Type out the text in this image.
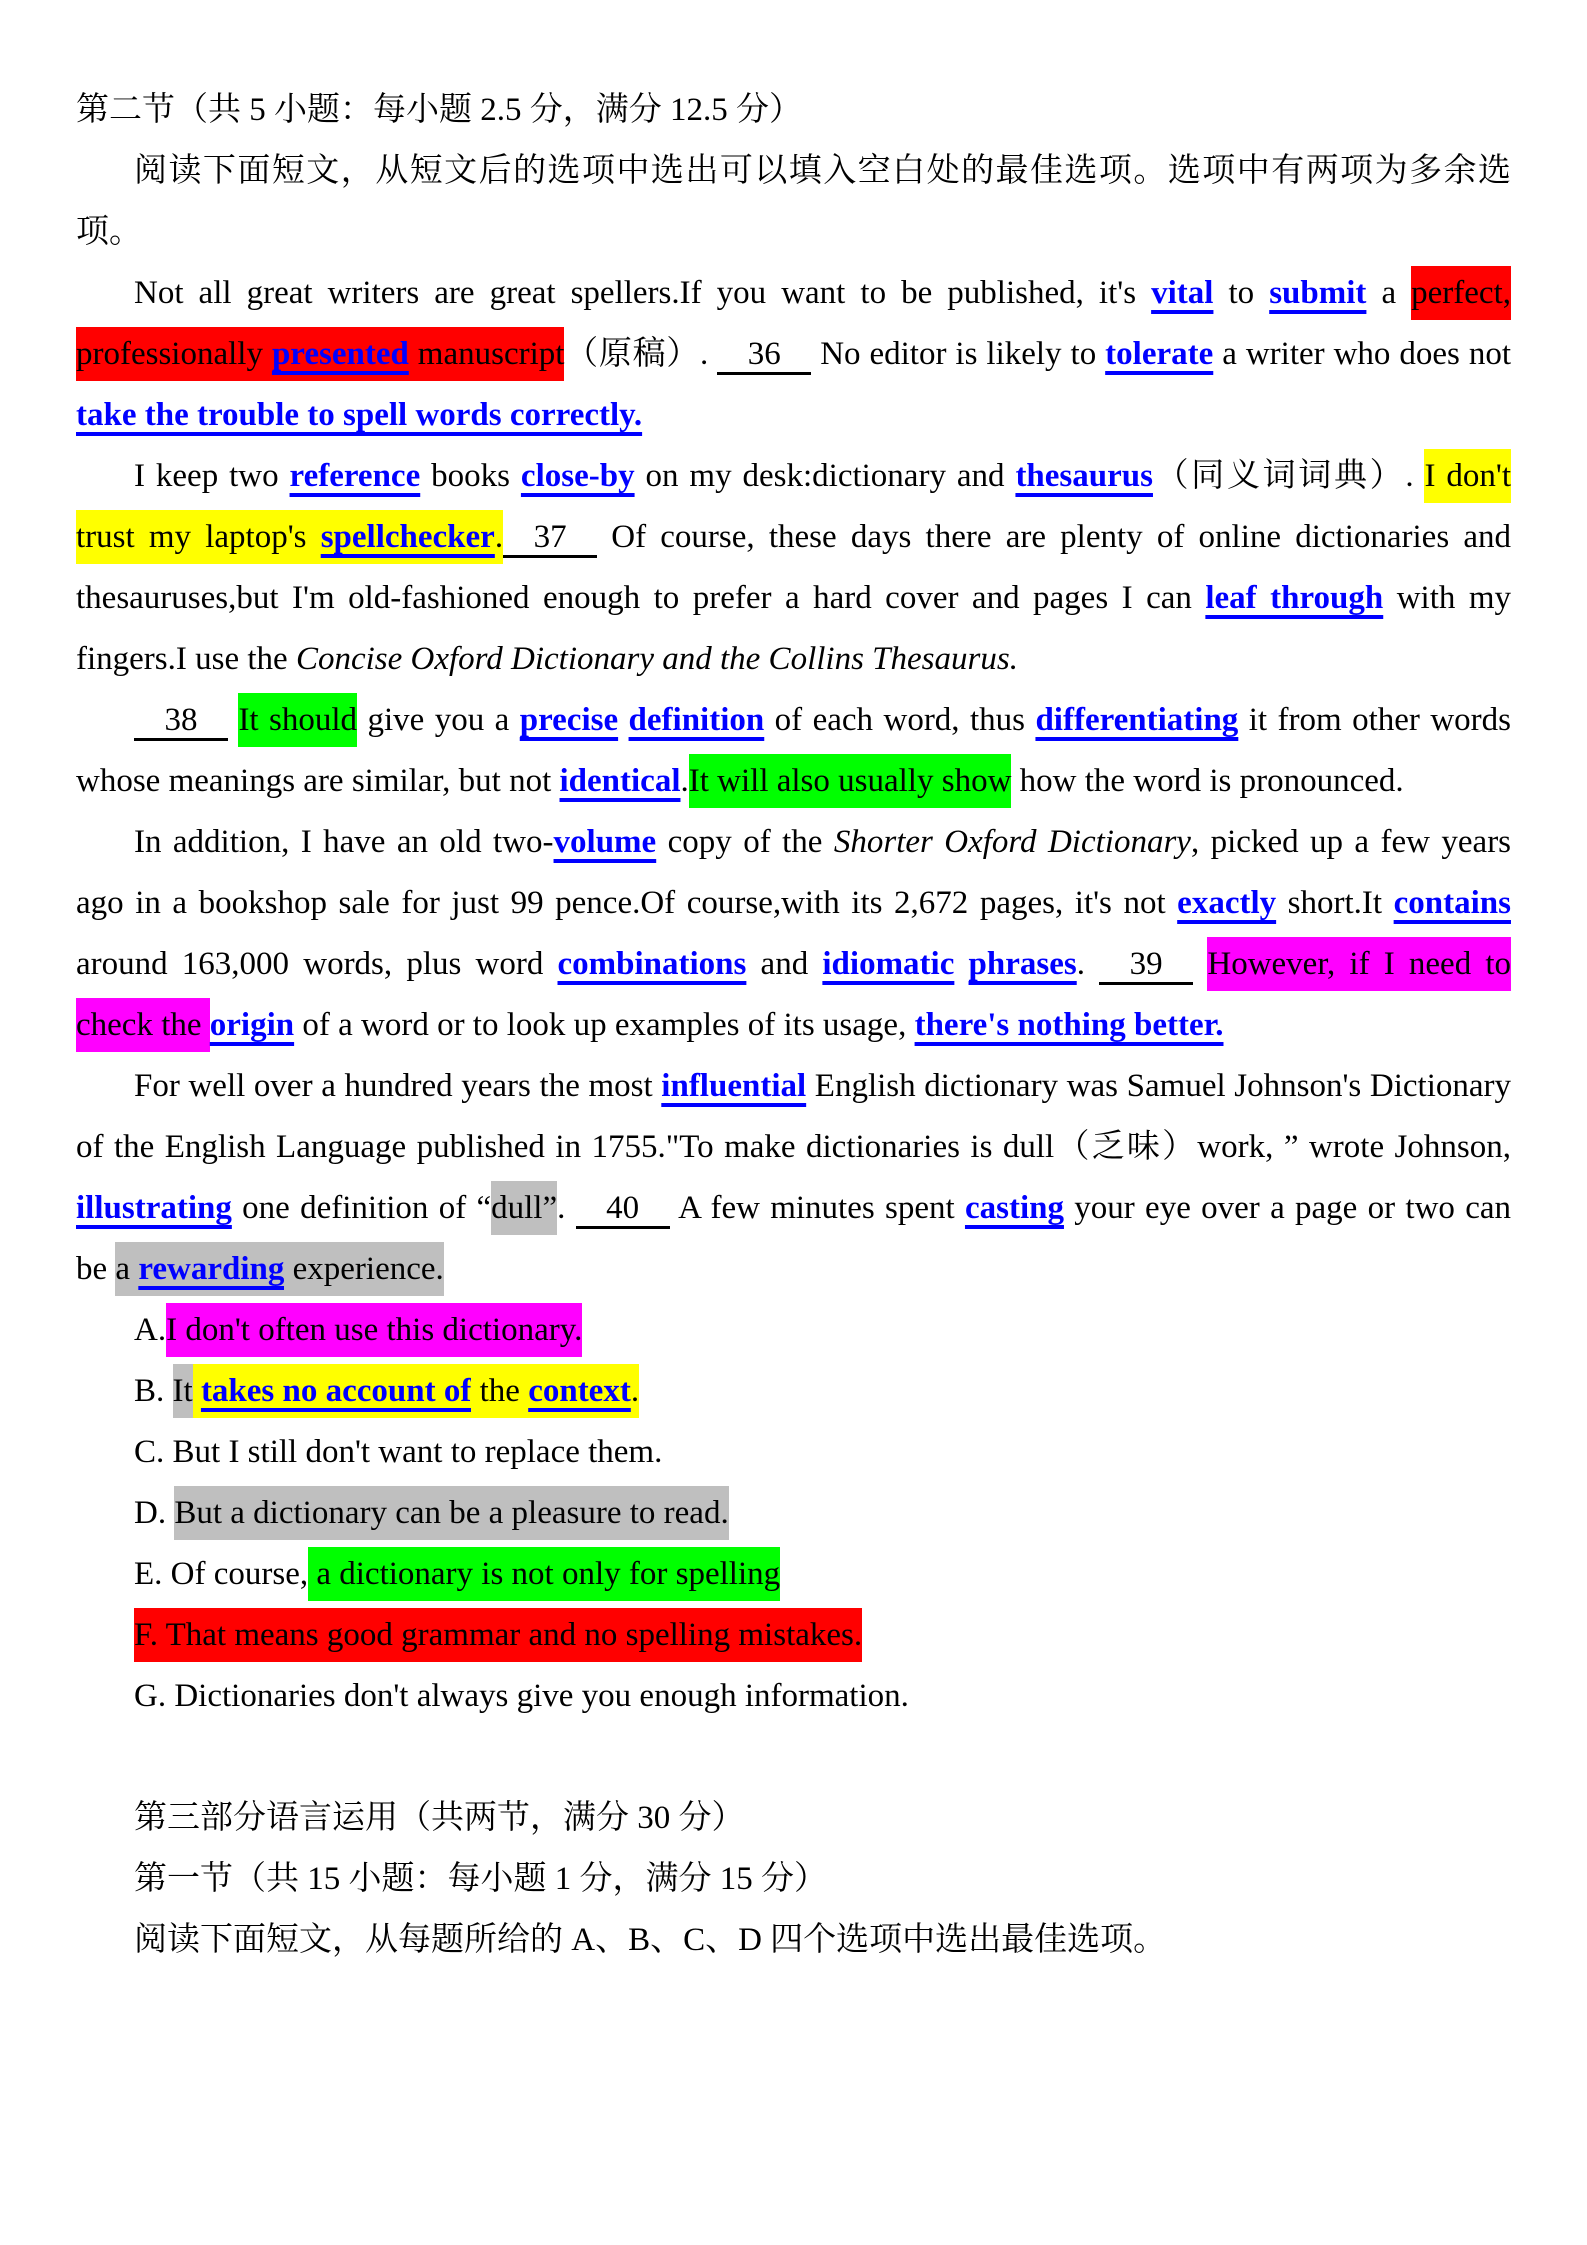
第二节（共 5 小题：每小题 2.5 分，满分 12.5 分）

阅读下面短文，从短文后的选项中选出可以填入空白处的最佳选项。选项中有两项为多余选项。

Not all great writers are great spellers.If you want to be published, it's vital to submit a perfect, professionally presented manuscript（原稿）. 36 No editor is likely to tolerate a writer who does not take the trouble to spell words correctly.

I keep two reference books close-by on my desk:dictionary and thesaurus（同义词词典）. I don't trust my laptop's spellchecker. 37 Of course, these days there are plenty of online dictionaries and thesauruses,but I'm old-fashioned enough to prefer a hard cover and pages I can leaf through with my fingers.I use the Concise Oxford Dictionary and the Collins Thesaurus.

38 It should give you a precise definition of each word, thus differentiating it from other words whose meanings are similar, but not identical.It will also usually show how the word is pronounced.

In addition, I have an old two-volume copy of the Shorter Oxford Dictionary, picked up a few years ago in a bookshop sale for just 99 pence.Of course,with its 2,672 pages, it's not exactly short.It contains around 163,000 words, plus word combinations and idiomatic phrases. 39 However, if I need to check the origin of a word or to look up examples of its usage, there's nothing better.

For well over a hundred years the most influential English dictionary was Samuel Johnson's Dictionary of the English Language published in 1755."To make dictionaries is dull（乏味）work, ” wrote Johnson, illustrating one definition of “dull”. 40 A few minutes spent casting your eye over a page or two can be a rewarding experience.

A.I don't often use this dictionary.

B. It takes no account of the context.

C. But I still don't want to replace them.

D. But a dictionary can be a pleasure to read.

E. Of course, a dictionary is not only for spelling

F. That means good grammar and no spelling mistakes.

G. Dictionaries don't always give you enough information.

第三部分语言运用（共两节，满分 30 分）

第一节（共 15 小题：每小题 1 分，满分 15 分）

阅读下面短文，从每题所给的 A、B、C、D 四个选项中选出最佳选项。
